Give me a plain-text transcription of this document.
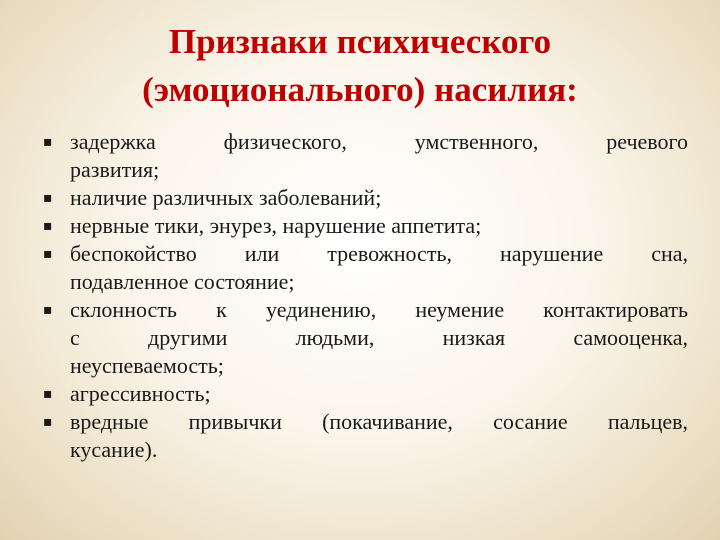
Признаки психического
(эмоционального) насилия:
▪ задержка физического, умственного, речевого
развития;
▪ наличие различных заболеваний;
▪ нервные тики, энурез, нарушение аппетита;
▪ беспокойство или тревожность, нарушение сна,
подавленное состояние;
▪ склонность к уединению, неумение контактировать
с другими людьми, низкая самооценка,
неуспеваемость;
▪ агрессивность;
▪ вредные привычки (покачивание, сосание пальцев,
кусание).
